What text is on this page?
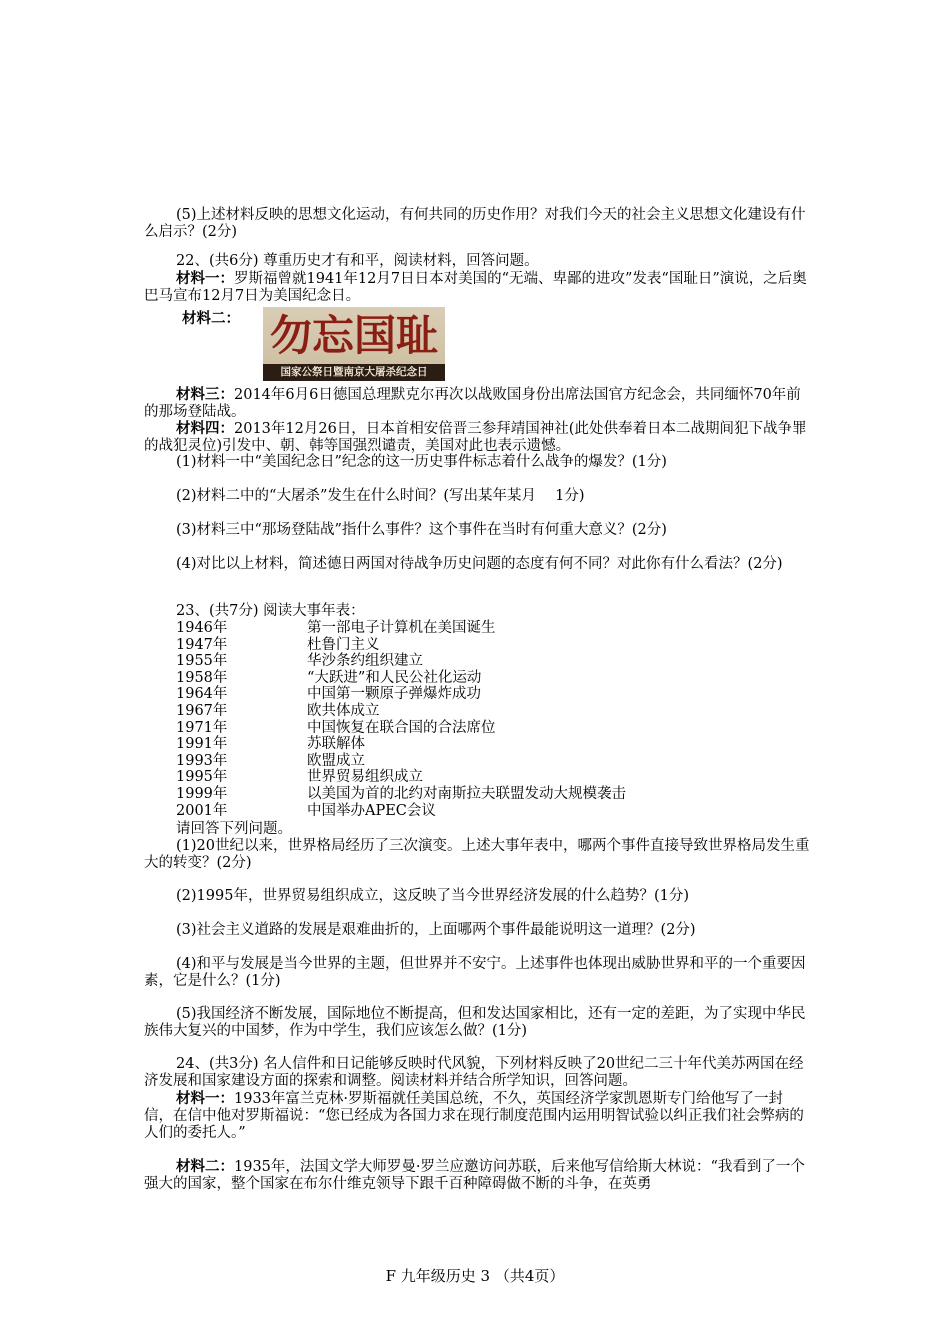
(5)上述材料反映的思想文化运动，有何共同的历史作用？对我们今天的社会主义思想文化建设有什么启示？(2分)

22、(共6分) 尊重历史才有和平，阅读材料，回答问题。

材料一：罗斯福曾就1941年12月7日日本对美国的“无端、卑鄙的进攻”发表“国耻日”演说，之后奥巴马宣布12月7日为美国纪念日。

材料二： 勿忘国耻
国家公祭日暨南京大屠杀纪念日

材料三：2014年6月6日德国总理默克尔再次以战败国身份出席法国官方纪念会，共同缅怀70年前的那场登陆战。

材料四：2013年12月26日，日本首相安倍晋三参拜靖国神社(此处供奉着日本二战期间犯下战争罪的战犯灵位)引发中、朝、韩等国强烈谴责，美国对此也表示遗憾。

(1)材料一中“美国纪念日”纪念的这一历史事件标志着什么战争的爆发？(1分)

(2)材料二中的“大屠杀”发生在什么时间？(写出某年某月　 1分)

(3)材料三中“那场登陆战”指什么事件？这个事件在当时有何重大意义？(2分)

(4)对比以上材料，简述德日两国对待战争历史问题的态度有何不同？对此你有什么看法？(2分)

23、(共7分) 阅读大事年表：

1946年	第一部电子计算机在美国诞生
1947年	杜鲁门主义
1955年	华沙条约组织建立
1958年	“大跃进”和人民公社化运动
1964年	中国第一颗原子弹爆炸成功
1967年	欧共体成立
1971年	中国恢复在联合国的合法席位
1991年	苏联解体
1993年	欧盟成立
1995年	世界贸易组织成立
1999年	以美国为首的北约对南斯拉夫联盟发动大规模袭击
2001年	中国举办APEC会议

请回答下列问题。

(1)20世纪以来，世界格局经历了三次演变。上述大事年表中，哪两个事件直接导致世界格局发生重大的转变？(2分)

(2)1995年，世界贸易组织成立，这反映了当今世界经济发展的什么趋势？(1分)

(3)社会主义道路的发展是艰难曲折的，上面哪两个事件最能说明这一道理？(2分)

(4)和平与发展是当今世界的主题，但世界并不安宁。上述事件也体现出威胁世界和平的一个重要因素，它是什么？(1分)

(5)我国经济不断发展，国际地位不断提高，但和发达国家相比，还有一定的差距，为了实现中华民族伟大复兴的中国梦，作为中学生，我们应该怎么做？(1分)

24、(共3分) 名人信件和日记能够反映时代风貌，下列材料反映了20世纪二三十年代美苏两国在经济发展和国家建设方面的探索和调整。阅读材料并结合所学知识，回答问题。

材料一：1933年富兰克林·罗斯福就任美国总统，不久，英国经济学家凯恩斯专门给他写了一封信，在信中他对罗斯福说：“您已经成为各国力求在现行制度范围内运用明智试验以纠正我们社会弊病的人们的委托人。”

材料二：1935年，法国文学大师罗曼·罗兰应邀访问苏联，后来他写信给斯大林说：“我看到了一个强大的国家，整个国家在布尔什维克领导下跟千百种障碍做不断的斗争，在英勇

F 九年级历史 3 （共4页）
